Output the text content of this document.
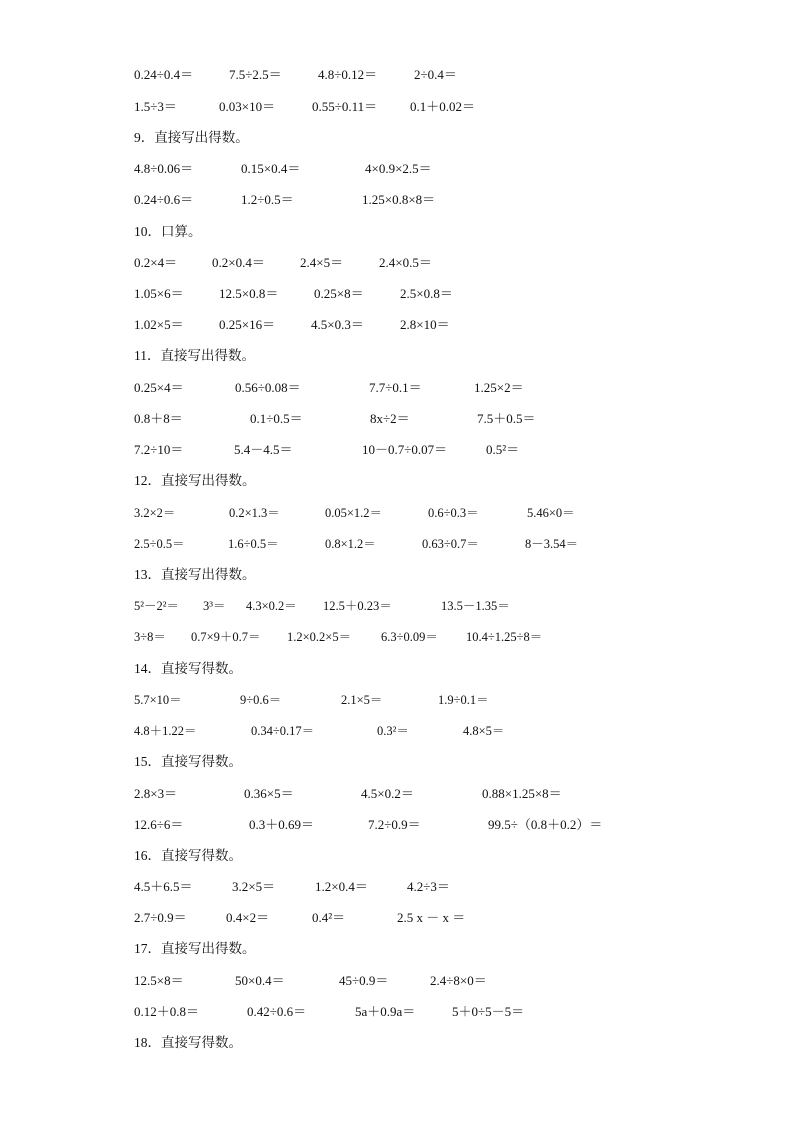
0.24÷0.4＝	7.5÷2.5＝	4.8÷0.12＝	2÷0.4＝
1.5÷3＝	0.03×10＝	0.55÷0.11＝	0.1＋0.02＝
9．直接写出得数。
4.8÷0.06＝	0.15×0.4＝	4×0.9×2.5＝
0.24÷0.6＝	1.2÷0.5＝	1.25×0.8×8＝
10．口算。
0.2×4＝	0.2×0.4＝	2.4×5＝	2.4×0.5＝
1.05×6＝	12.5×0.8＝	0.25×8＝	2.5×0.8＝
1.02×5＝	0.25×16＝	4.5×0.3＝	2.8×10＝
11．直接写出得数。
0.25×4＝	0.56÷0.08＝	7.7÷0.1＝	1.25×2＝
0.8＋8＝	0.1÷0.5＝	8x÷2＝	7.5＋0.5＝
7.2÷10＝	5.4－4.5＝	10－0.7÷0.07＝	0.5²＝
12．直接写出得数。
3.2×2＝	0.2×1.3＝	0.05×1.2＝	0.6÷0.3＝	5.46×0＝
2.5÷0.5＝	1.6÷0.5＝	0.8×1.2＝	0.63÷0.7＝	8－3.54＝
13．直接写出得数。
5²－2²＝ 3³＝ 4.3×0.2＝ 12.5＋0.23＝	13.5－1.35＝
3÷8＝ 0.7×9＋0.7＝ 1.2×0.2×5＝ 6.3÷0.09＝ 10.4÷1.25÷8＝
14．直接写得数。
5.7×10＝	9÷0.6＝	2.1×5＝	1.9÷0.1＝
4.8＋1.22＝	0.34÷0.17＝	0.3²＝	4.8×5＝
15．直接写得数。
2.8×3＝	0.36×5＝	4.5×0.2＝	0.88×1.25×8＝
12.6÷6＝	0.3＋0.69＝	7.2÷0.9＝	99.5÷（0.8＋0.2）＝
16．直接写得数。
4.5＋6.5＝	3.2×5＝	1.2×0.4＝	4.2÷3＝
2.7÷0.9＝	0.4×2＝	0.4²＝	2.5 x － x ＝
17．直接写出得数。
12.5×8＝	50×0.4＝	45÷0.9＝	2.4÷8×0＝
0.12＋0.8＝	0.42÷0.6＝	5a＋0.9a＝	5＋0÷5－5＝
18．直接写得数。
